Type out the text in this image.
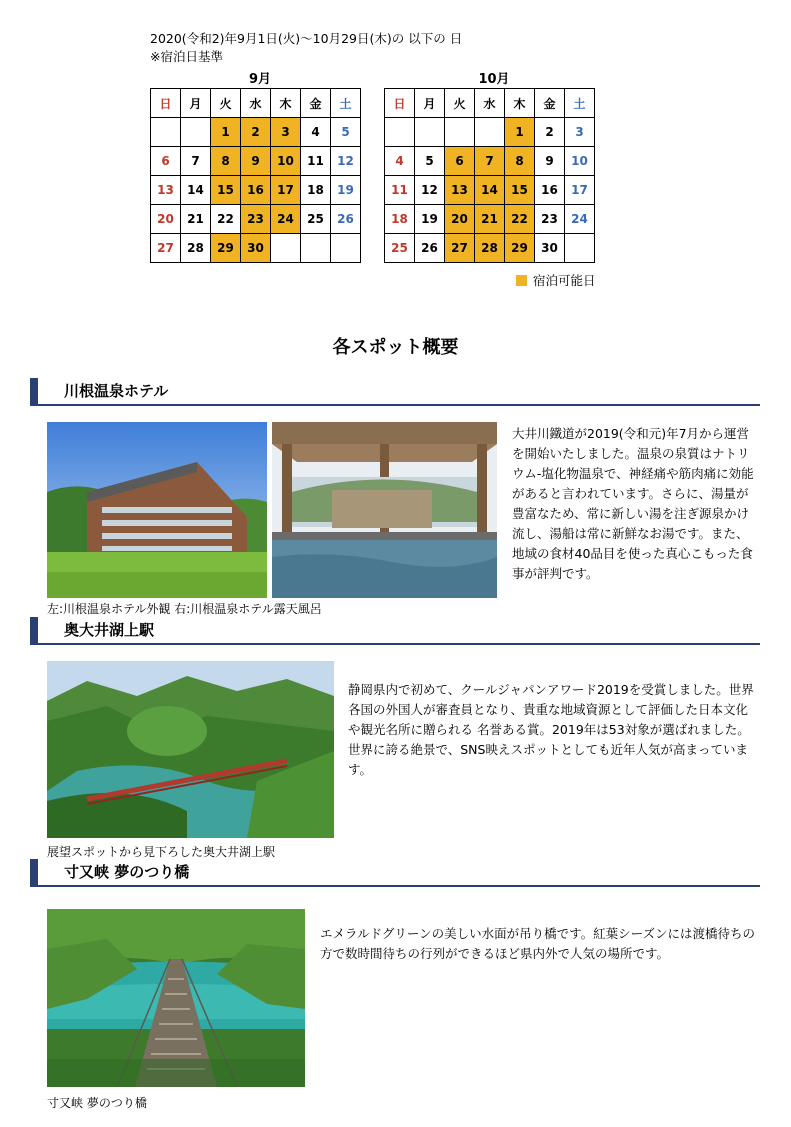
2020(令和2)年9月1日(火)〜10月29日(木)の 以下の 日
※宿泊日基準
9月
日	月	火	水	木	金	土
		1	2	3	4	5
6	7	8	9	10	11	12
13	14	15	16	17	18	19
20	21	22	23	24	25	26
27	28	29	30			
10月
日	月	火	水	木	金	土
				1	2	3
4	5	6	7	8	9	10
11	12	13	14	15	16	17
18	19	20	21	22	23	24
25	26	27	28	29	30	
宿泊可能日
各スポット概要
川根温泉ホテル
大井川鐵道が2019(令和元)年7月から運営を開始いたしました。温泉の泉質はナトリウム-塩化物温泉で、神経痛や筋肉痛に効能があると言われています。さらに、湯量が豊富なため、常に新しい湯を注ぎ源泉かけ流し、湯船は常に新鮮なお湯です。また、地域の食材40品目を使った真心こもった食事が評判です。
左:川根温泉ホテル外観 右:川根温泉ホテル露天風呂
奥大井湖上駅
静岡県内で初めて、クールジャパンアワード2019を受賞しました。世界各国の外国人が審査員となり、貴重な地域資源として評価した日本文化や観光名所に贈られる 名誉ある賞。2019年は53対象が選ばれました。世界に誇る絶景で、SNS映えスポットとしても近年人気が高まっています。
展望スポットから見下ろした奥大井湖上駅
寸又峡 夢のつり橋
エメラルドグリーンの美しい水面が吊り橋です。紅葉シーズンには渡橋待ちの方で数時間待ちの行列ができるほど県内外で人気の場所です。
寸又峡 夢のつり橋
